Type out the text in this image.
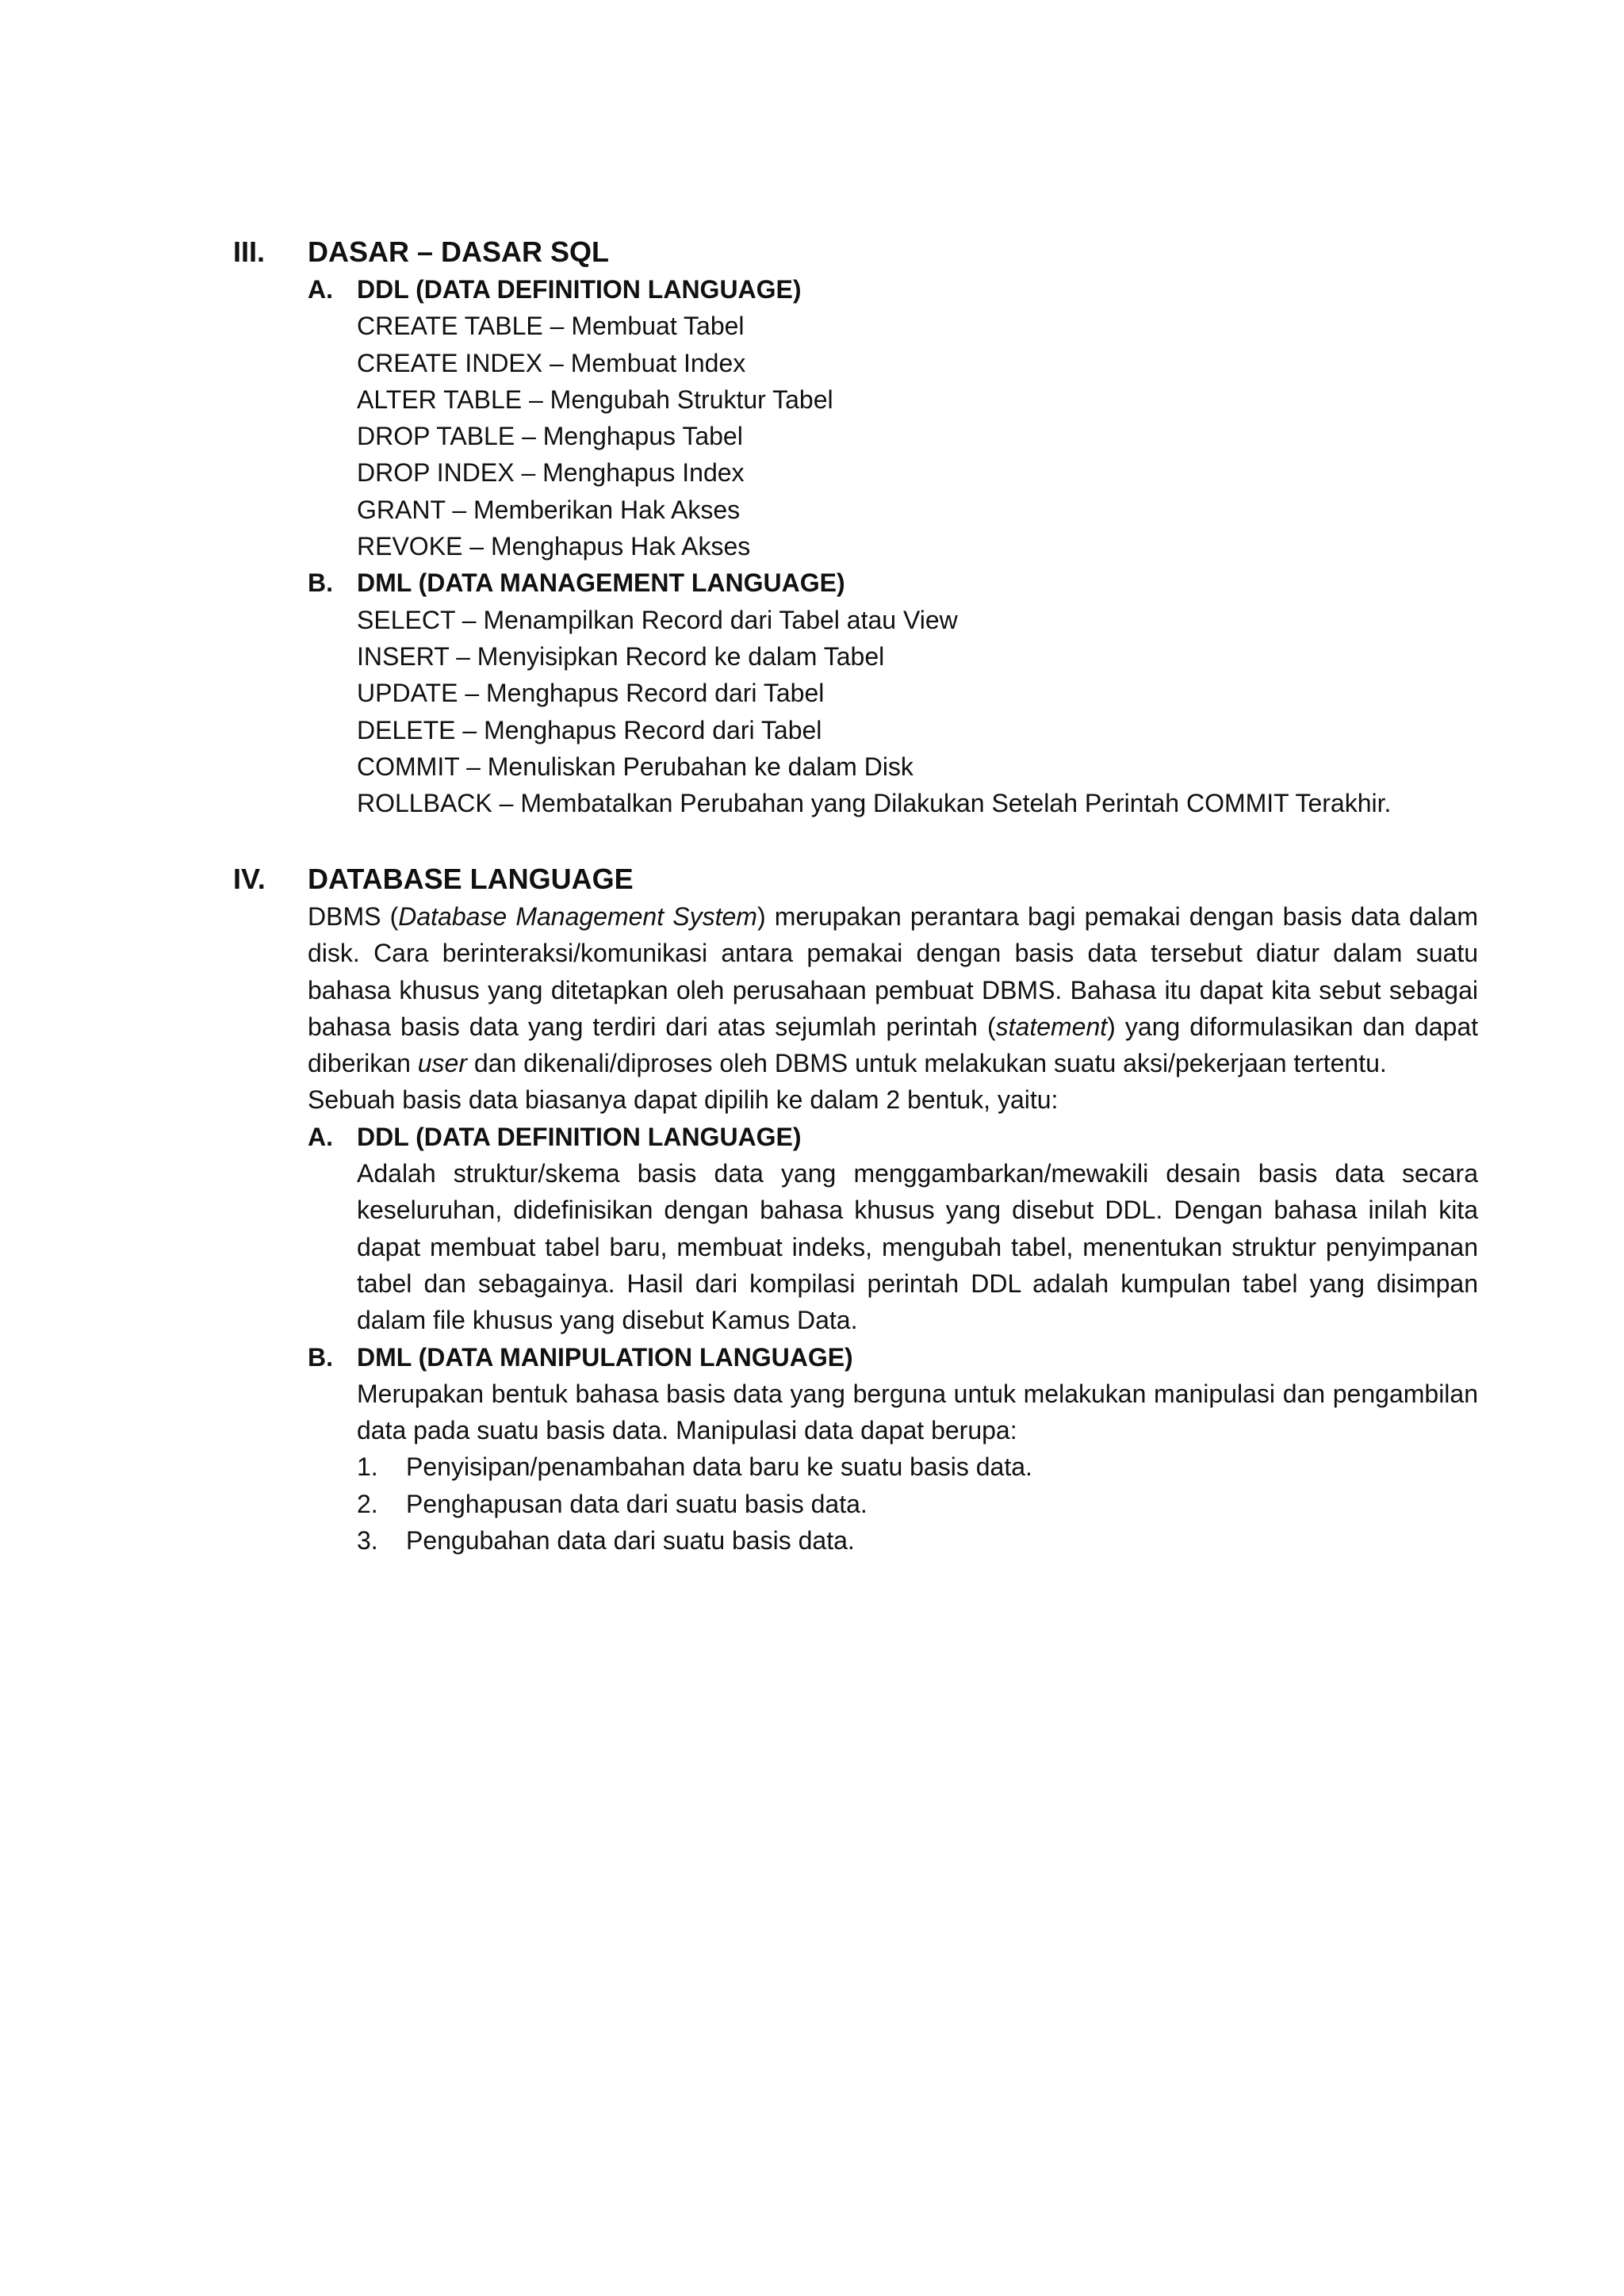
III.	DASAR – DASAR SQL
A. DDL (DATA DEFINITION LANGUAGE)
CREATE TABLE – Membuat Tabel
CREATE INDEX – Membuat Index
ALTER TABLE – Mengubah Struktur Tabel
DROP TABLE – Menghapus Tabel
DROP INDEX – Menghapus Index
GRANT – Memberikan Hak Akses
REVOKE – Menghapus Hak Akses
B. DML (DATA MANAGEMENT LANGUAGE)
SELECT – Menampilkan Record dari Tabel atau View
INSERT – Menyisipkan Record ke dalam Tabel
UPDATE – Menghapus Record dari Tabel
DELETE – Menghapus Record dari Tabel
COMMIT – Menuliskan Perubahan ke dalam Disk
ROLLBACK – Membatalkan Perubahan yang Dilakukan Setelah Perintah COMMIT Terakhir.
IV.	DATABASE LANGUAGE

DBMS (Database Management System) merupakan perantara bagi pemakai dengan basis data dalam disk. Cara berinteraksi/komunikasi antara pemakai dengan basis data tersebut diatur dalam suatu bahasa khusus yang ditetapkan oleh perusahaan pembuat DBMS. Bahasa itu dapat kita sebut sebagai bahasa basis data yang terdiri dari atas sejumlah perintah (statement) yang diformulasikan dan dapat diberikan user dan dikenali/diproses oleh DBMS untuk melakukan suatu aksi/pekerjaan tertentu.

Sebuah basis data biasanya dapat dipilih ke dalam 2 bentuk, yaitu:
A. DDL (DATA DEFINITION LANGUAGE)

Adalah struktur/skema basis data yang menggambarkan/mewakili desain basis data secara keseluruhan, didefinisikan dengan bahasa khusus yang disebut DDL. Dengan bahasa inilah kita dapat membuat tabel baru, membuat indeks, mengubah tabel, menentukan struktur penyimpanan tabel dan sebagainya. Hasil dari kompilasi perintah DDL adalah kumpulan tabel yang disimpan dalam file khusus yang disebut Kamus Data.

B. DML (DATA MANIPULATION LANGUAGE)

Merupakan bentuk bahasa basis data yang berguna untuk melakukan manipulasi dan pengambilan data pada suatu basis data. Manipulasi data dapat berupa:

1.	Penyisipan/penambahan data baru ke suatu basis data.
2.	Penghapusan data dari suatu basis data.
3.	Pengubahan data dari suatu basis data.
